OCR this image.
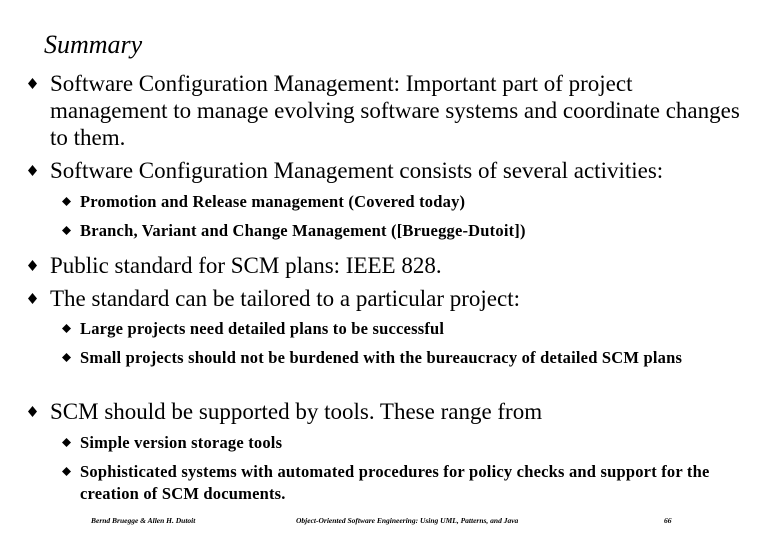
Summary
Software Configuration Management: Important part of project management to manage evolving software systems and coordinate changes to them.
Software Configuration Management consists of several activities:
Promotion and Release management (Covered today)
Branch, Variant and Change Management ([Bruegge-Dutoit])
Public standard for SCM plans: IEEE 828.
The standard can be tailored to a particular project:
Large projects need detailed plans to be successful
Small projects should not be burdened with the bureaucracy of detailed SCM plans
SCM should be supported by tools. These range from
Simple version storage tools
Sophisticated systems with automated procedures for policy checks and support for the creation of SCM documents.
Bernd Bruegge & Allen H. Dutoit	Object-Oriented Software Engineering: Using UML, Patterns, and Java	66
